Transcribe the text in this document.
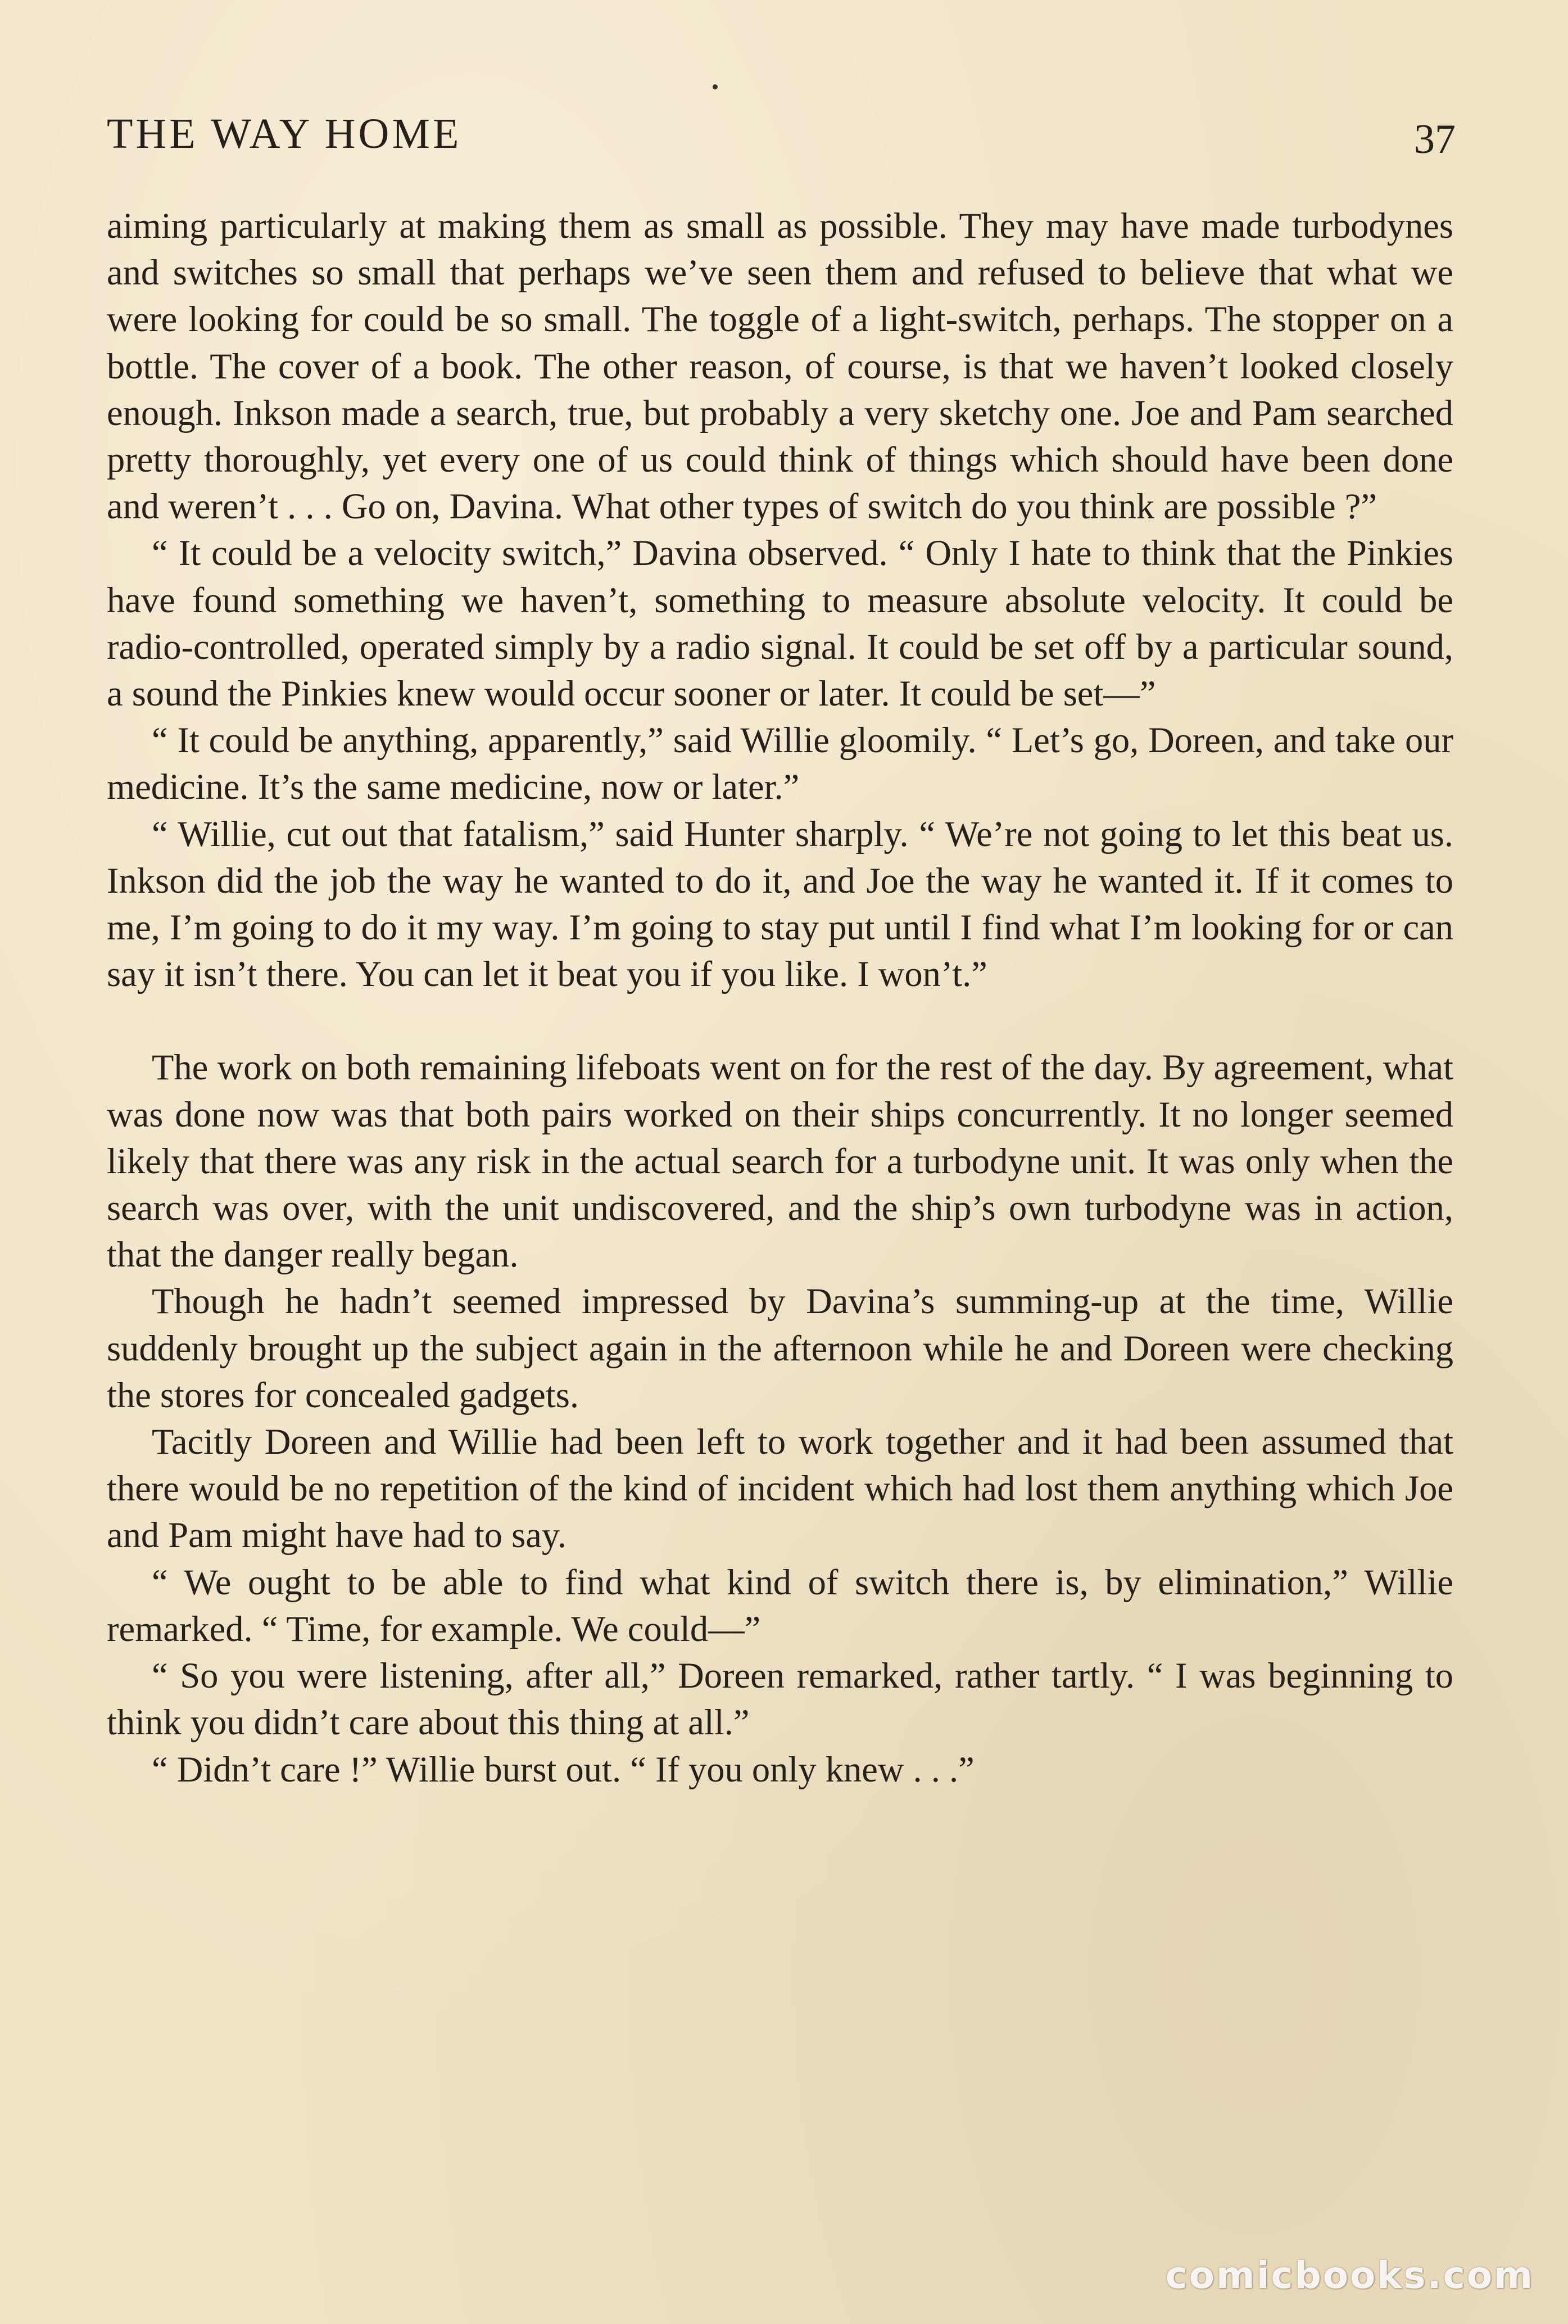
THE WAY HOME	37

aiming particularly at making them as small as possible. They may have made turbodynes and switches so small that perhaps we’ve seen them and refused to believe that what we were looking for could be so small. The toggle of a light-switch, perhaps. The stopper on a bottle. The cover of a book. The other reason, of course, is that we haven’t looked closely enough. Inkson made a search, true, but probably a very sketchy one. Joe and Pam searched pretty thoroughly, yet every one of us could think of things which should have been done and weren’t . . . Go on, Davina. What other types of switch do you think are possible ?”

“ It could be a velocity switch,” Davina observed. “ Only I hate to think that the Pinkies have found something we haven’t, something to measure absolute velocity. It could be radio-controlled, operated simply by a radio signal. It could be set off by a particular sound, a sound the Pinkies knew would occur sooner or later. It could be set—”

“ It could be anything, apparently,” said Willie gloomily. “ Let’s go, Doreen, and take our medicine. It’s the same medicine, now or later.”

“ Willie, cut out that fatalism,” said Hunter sharply. “ We’re not going to let this beat us. Inkson did the job the way he wanted to do it, and Joe the way he wanted it. If it comes to me, I’m going to do it my way. I’m going to stay put until I find what I’m looking for or can say it isn’t there. You can let it beat you if you like. I won’t.”

The work on both remaining lifeboats went on for the rest of the day. By agreement, what was done now was that both pairs worked on their ships concurrently. It no longer seemed likely that there was any risk in the actual search for a turbodyne unit. It was only when the search was over, with the unit undiscovered, and the ship’s own turbodyne was in action, that the danger really began.

Though he hadn’t seemed impressed by Davina’s summing-up at the time, Willie suddenly brought up the subject again in the afternoon while he and Doreen were checking the stores for concealed gadgets.

Tacitly Doreen and Willie had been left to work together and it had been assumed that there would be no repetition of the kind of incident which had lost them anything which Joe and Pam might have had to say.

“ We ought to be able to find what kind of switch there is, by elimination,” Willie remarked. “ Time, for example. We could—”

“ So you were listening, after all,” Doreen remarked, rather tartly. “ I was beginning to think you didn’t care about this thing at all.”

“ Didn’t care !” Willie burst out. “ If you only knew . . .”

comicbooks.com
